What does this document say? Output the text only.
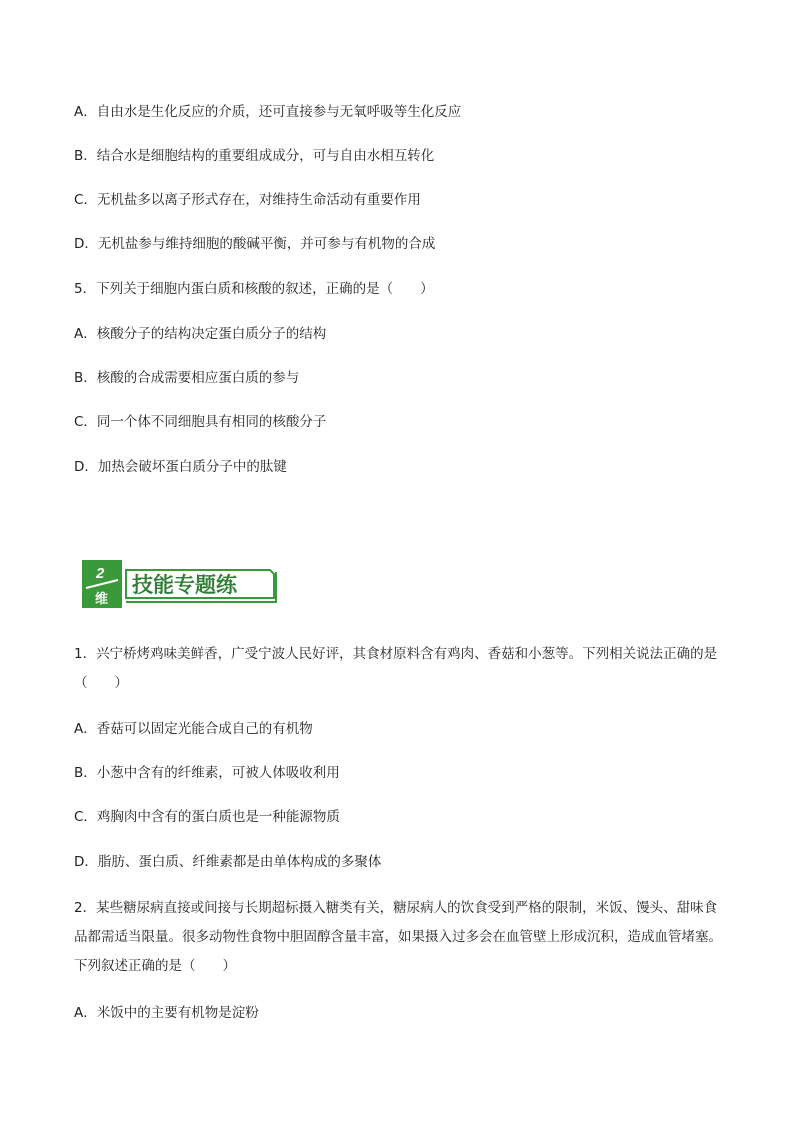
A．自由水是生化反应的介质，还可直接参与无氧呼吸等生化反应
B．结合水是细胞结构的重要组成成分，可与自由水相互转化
C．无机盐多以离子形式存在，对维持生命活动有重要作用
D．无机盐参与维持细胞的酸碱平衡，并可参与有机物的合成
5．下列关于细胞内蛋白质和核酸的叙述，正确的是（　　）
A．核酸分子的结构决定蛋白质分子的结构
B．核酸的合成需要相应蛋白质的参与
C．同一个体不同细胞具有相同的核酸分子
D．加热会破坏蛋白质分子中的肽键
2
维
技能专题练
1．兴宁桥烤鸡味美鲜香，广受宁波人民好评，其食材原料含有鸡肉、香菇和小葱等。下列相关说法正确的是（　　）
A．香菇可以固定光能合成自己的有机物
B．小葱中含有的纤维素，可被人体吸收利用
C．鸡胸肉中含有的蛋白质也是一种能源物质
D．脂肪、蛋白质、纤维素都是由单体构成的多聚体
2．某些糖尿病直接或间接与长期超标摄入糖类有关，糖尿病人的饮食受到严格的限制，米饭、馒头、甜味食品都需适当限量。很多动物性食物中胆固醇含量丰富，如果摄入过多会在血管壁上形成沉积，造成血管堵塞。下列叙述正确的是（　　）
A．米饭中的主要有机物是淀粉
